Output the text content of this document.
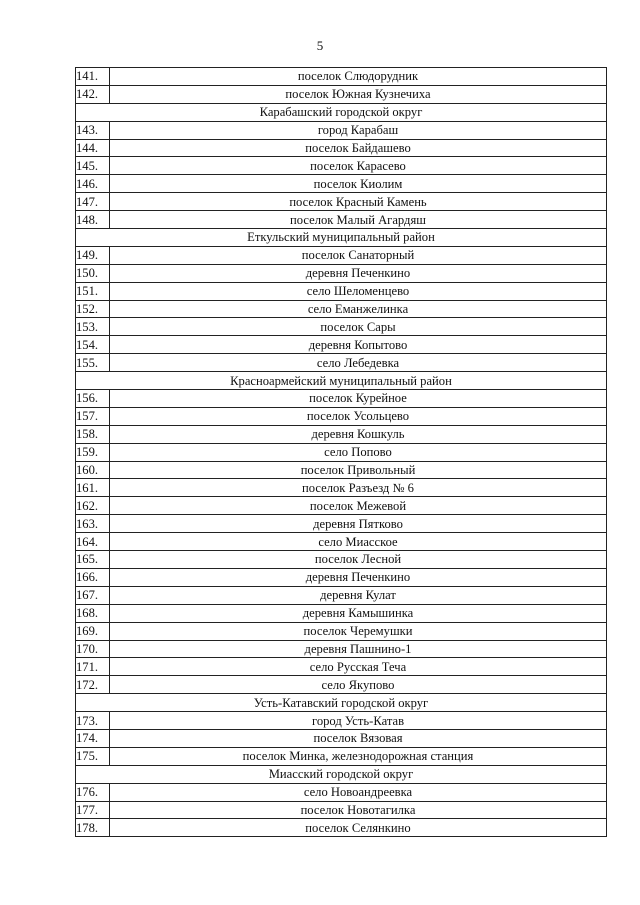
5
141.	поселок Слюдорудник
142.	поселок Южная Кузнечиха
Карабашский городской округ	
143.	город Карабаш
144.	поселок Байдашево
145.	поселок Карасево
146.	поселок Киолим
147.	поселок Красный Камень
148.	поселок Малый Агардяш
Еткульский муниципальный район	
149.	поселок Санаторный
150.	деревня Печенкино
151.	село Шеломенцево
152.	село Еманжелинка
153.	поселок Сары
154.	деревня Копытово
155.	село Лебедевка
Красноармейский муниципальный район	
156.	поселок Курейное
157.	поселок Усольцево
158.	деревня Кошкуль
159.	село Попово
160.	поселок Привольный
161.	поселок Разъезд № 6
162.	поселок Межевой
163.	деревня Пятково
164.	село Миасское
165.	поселок Лесной
166.	деревня Печенкино
167.	деревня Кулат
168.	деревня Камышинка
169.	поселок Черемушки
170.	деревня Пашнино-1
171.	село Русская Теча
172.	село Якупово
Усть-Катавский городской округ	
173.	город Усть-Катав
174.	поселок Вязовая
175.	поселок Минка, железнодорожная станция
Миасский городской округ	
176.	село Новоандреевка
177.	поселок Новотагилка
178.	поселок Селянкино
